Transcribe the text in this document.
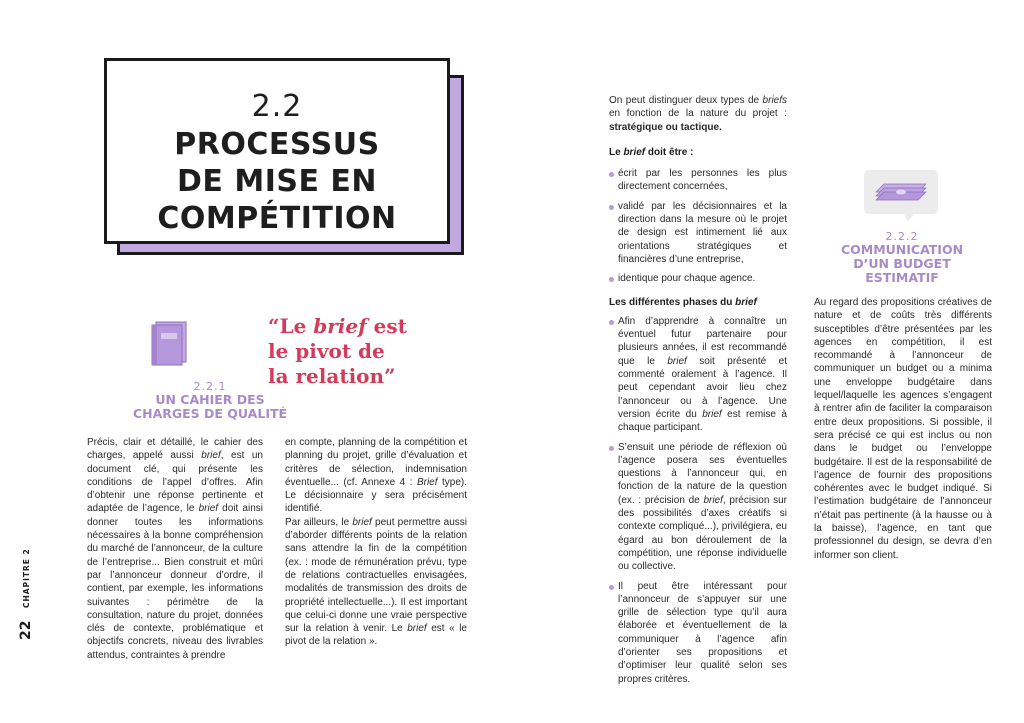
22
CHAPITRE 2
2.2
PROCESSUS
DE MISE EN
COMPÉTITION
2.2.1
UN CAHIER DES
CHARGES DE QUALITÉ
“Le brief est
le pivot de
la relation”

Précis, clair et détaillé, le cahier des charges, appelé aussi brief, est un document clé, qui présente les conditions de l’appel d’offres. Afin d’obtenir une réponse pertinente et adaptée de l’agence, le brief doit ainsi donner toutes les informations nécessaires à la bonne compréhension du marché de l’annonceur, de la culture de l’entreprise... Bien construit et mûri par l’annonceur donneur d’ordre, il contient, par exemple, les informations suivantes : périmètre de la consultation, nature du projet, données clés de contexte, problématique et objectifs concrets, niveau des livrables attendus, contraintes à prendre

en compte, planning de la compétition et planning du projet, grille d’évaluation et critères de sélection, indemnisation éventuelle... (cf. Annexe 4 : Brief type). Le décisionnaire y sera précisément identifié.

Par ailleurs, le brief peut permettre aussi d’aborder différents points de la relation sans attendre la fin de la compétition (ex. : mode de rémunération prévu, type de relations contractuelles envisagées, modalités de transmission des droits de propriété intellectuelle...). Il est important que celui-ci donne une vraie perspective sur la relation à venir. Le brief est « le pivot de la relation ».

On peut distinguer deux types de briefs en fonction de la nature du projet : stratégique ou tactique.

Le brief doit être :

écrit par les personnes les plus directement concernées,
validé par les décisionnaires et la direction dans la mesure où le projet de design est intimement lié aux orientations stratégiques et financières d’une entreprise,
identique pour chaque agence.

Les différentes phases du brief

Afin d’apprendre à connaître un éventuel futur partenaire pour plusieurs années, il est recommandé que le brief soit présenté et commenté oralement à l’agence. Il peut cependant avoir lieu chez l’annonceur ou à l’agence. Une version écrite du brief est remise à chaque participant.
S’ensuit une période de réflexion où l’agence posera ses éventuelles questions à l’annonceur qui, en fonction de la nature de la question (ex. : précision de brief, précision sur des possibilités d’axes créatifs si contexte compliqué...), privilégiera, eu égard au bon déroulement de la compétition, une réponse individuelle ou collective.
Il peut être intéressant pour l’annonceur de s’appuyer sur une grille de sélection type qu’il aura élaborée et éventuellement de la communiquer à l’agence afin d’orienter ses propositions et d’optimiser leur qualité selon ses propres critères.
2.2.2
COMMUNICATION
D’UN BUDGET
ESTIMATIF
Au regard des propositions créatives de nature et de coûts très différents susceptibles d’être présentées par les agences en compétition, il est recommandé à l’annonceur de communiquer un budget ou a minima une enveloppe budgétaire dans lequel/laquelle les agences s’engagent à rentrer afin de faciliter la comparaison entre deux propositions. Si possible, il sera précisé ce qui est inclus ou non dans le budget ou l’enveloppe budgétaire. Il est de la responsabilité de l’agence de fournir des propositions cohérentes avec le budget indiqué. Si l’estimation budgétaire de l’annonceur n’était pas pertinente (à la hausse ou à la baisse), l’agence, en tant que professionnel du design, se devra d’en informer son client.
